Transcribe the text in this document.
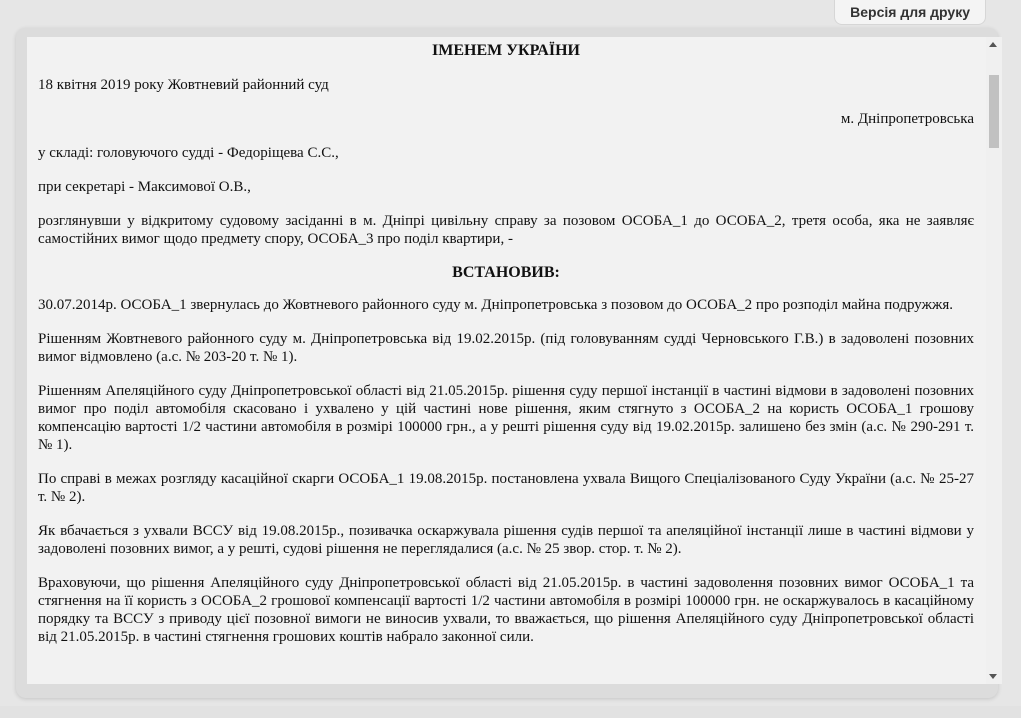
Версія для друку

ІМЕНЕМ УКРАЇНИ

18 квітня 2019 року Жовтневий районний суд

м. Дніпропетровська

у складі: головуючого судді - Федоріщева С.С.,

при секретарі - Максимової О.В.,

розглянувши у відкритому судовому засіданні в м. Дніпрі цивільну справу за позовом ОСОБА_1 до ОСОБА_2, третя особа, яка не заявляє самостійних вимог щодо предмету спору, ОСОБА_3 про поділ квартири, -

ВСТАНОВИВ:

30.07.2014р. ОСОБА_1 звернулась до Жовтневого районного суду м. Дніпропетровська з позовом до ОСОБА_2 про розподіл майна подружжя.

Рішенням Жовтневого районного суду м. Дніпропетровська від 19.02.2015р. (під головуванням судді Черновського Г.В.) в задоволені позовних вимог відмовлено (а.с. № 203-20 т. № 1).

Рішенням Апеляційного суду Дніпропетровської області від 21.05.2015р. рішення суду першої інстанції в частині відмови в задоволені позовних вимог про поділ автомобіля скасовано і ухвалено у цій частині нове рішення, яким стягнуто з ОСОБА_2 на користь ОСОБА_1 грошову компенсацію вартості 1/2 частини автомобіля в розмірі 100000 грн., а у решті рішення суду від 19.02.2015р. залишено без змін (а.с. № 290-291 т. № 1).

По справі в межах розгляду касаційної скарги ОСОБА_1 19.08.2015р. постановлена ухвала Вищого Спеціалізованого Суду України (а.с. № 25-27 т. № 2).

Як вбачається з ухвали ВССУ від 19.08.2015р., позивачка оскаржувала рішення судів першої та апеляційної інстанції лише в частині відмови у задоволені позовних вимог, а у решті, судові рішення не переглядалися (а.с. № 25 звор. стор. т. № 2).

Враховуючи, що рішення Апеляційного суду Дніпропетровської області від 21.05.2015р. в частині задоволення позовних вимог ОСОБА_1 та стягнення на її користь з ОСОБА_2 грошової компенсації вартості 1/2 частини автомобіля в розмірі 100000 грн. не оскаржувалось в касаційному порядку та ВССУ з приводу цієї позовної вимоги не виносив ухвали, то вважається, що рішення Апеляційного суду Дніпропетровської області від 21.05.2015р. в частині стягнення грошових коштів набрало законної сили.
